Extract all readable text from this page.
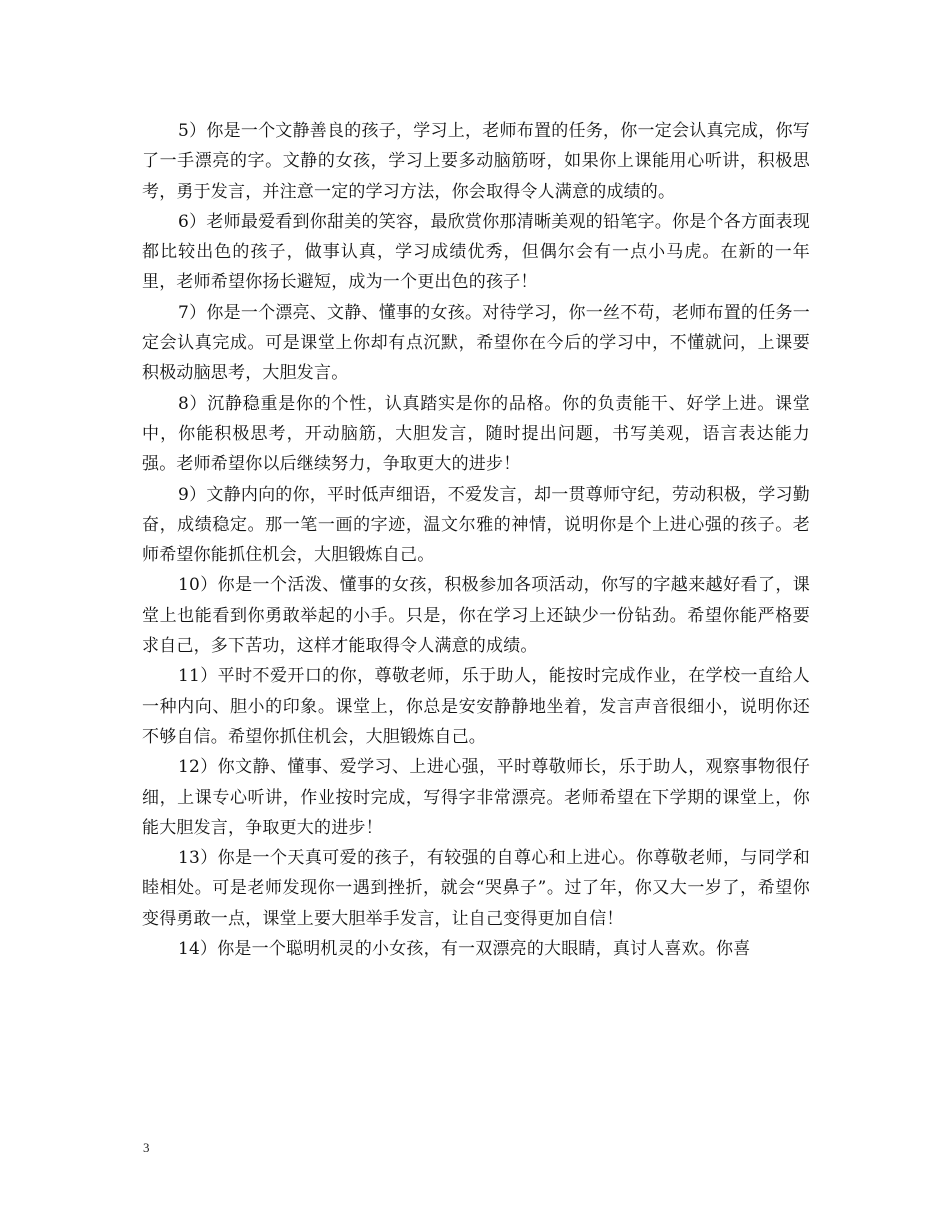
5）你是一个文静善良的孩子，学习上，老师布置的任务，你一定会认真完成，你写了一手漂亮的字。文静的女孩，学习上要多动脑筋呀，如果你上课能用心听讲，积极思考，勇于发言，并注意一定的学习方法，你会取得令人满意的成绩的。

6）老师最爱看到你甜美的笑容，最欣赏你那清晰美观的铅笔字。你是个各方面表现都比较出色的孩子，做事认真，学习成绩优秀，但偶尔会有一点小马虎。在新的一年里，老师希望你扬长避短，成为一个更出色的孩子！

7）你是一个漂亮、文静、懂事的女孩。对待学习，你一丝不苟，老师布置的任务一定会认真完成。可是课堂上你却有点沉默，希望你在今后的学习中，不懂就问，上课要积极动脑思考，大胆发言。

8）沉静稳重是你的个性，认真踏实是你的品格。你的负责能干、好学上进。课堂中，你能积极思考，开动脑筋，大胆发言，随时提出问题，书写美观，语言表达能力强。老师希望你以后继续努力，争取更大的进步！

9）文静内向的你，平时低声细语，不爱发言，却一贯尊师守纪，劳动积极，学习勤奋，成绩稳定。那一笔一画的字迹，温文尔雅的神情，说明你是个上进心强的孩子。老师希望你能抓住机会，大胆锻炼自己。

10）你是一个活泼、懂事的女孩，积极参加各项活动，你写的字越来越好看了，课堂上也能看到你勇敢举起的小手。只是，你在学习上还缺少一份钻劲。希望你能严格要求自己，多下苦功，这样才能取得令人满意的成绩。

11）平时不爱开口的你，尊敬老师，乐于助人，能按时完成作业，在学校一直给人一种内向、胆小的印象。课堂上，你总是安安静静地坐着，发言声音很细小，说明你还不够自信。希望你抓住机会，大胆锻炼自己。

12）你文静、懂事、爱学习、上进心强，平时尊敬师长，乐于助人，观察事物很仔细，上课专心听讲，作业按时完成，写得字非常漂亮。老师希望在下学期的课堂上，你能大胆发言，争取更大的进步！

13）你是一个天真可爱的孩子，有较强的自尊心和上进心。你尊敬老师，与同学和睦相处。可是老师发现你一遇到挫折，就会“哭鼻子”。过了年，你又大一岁了，希望你变得勇敢一点，课堂上要大胆举手发言，让自己变得更加自信！

14）你是一个聪明机灵的小女孩，有一双漂亮的大眼睛，真讨人喜欢。你喜

3
